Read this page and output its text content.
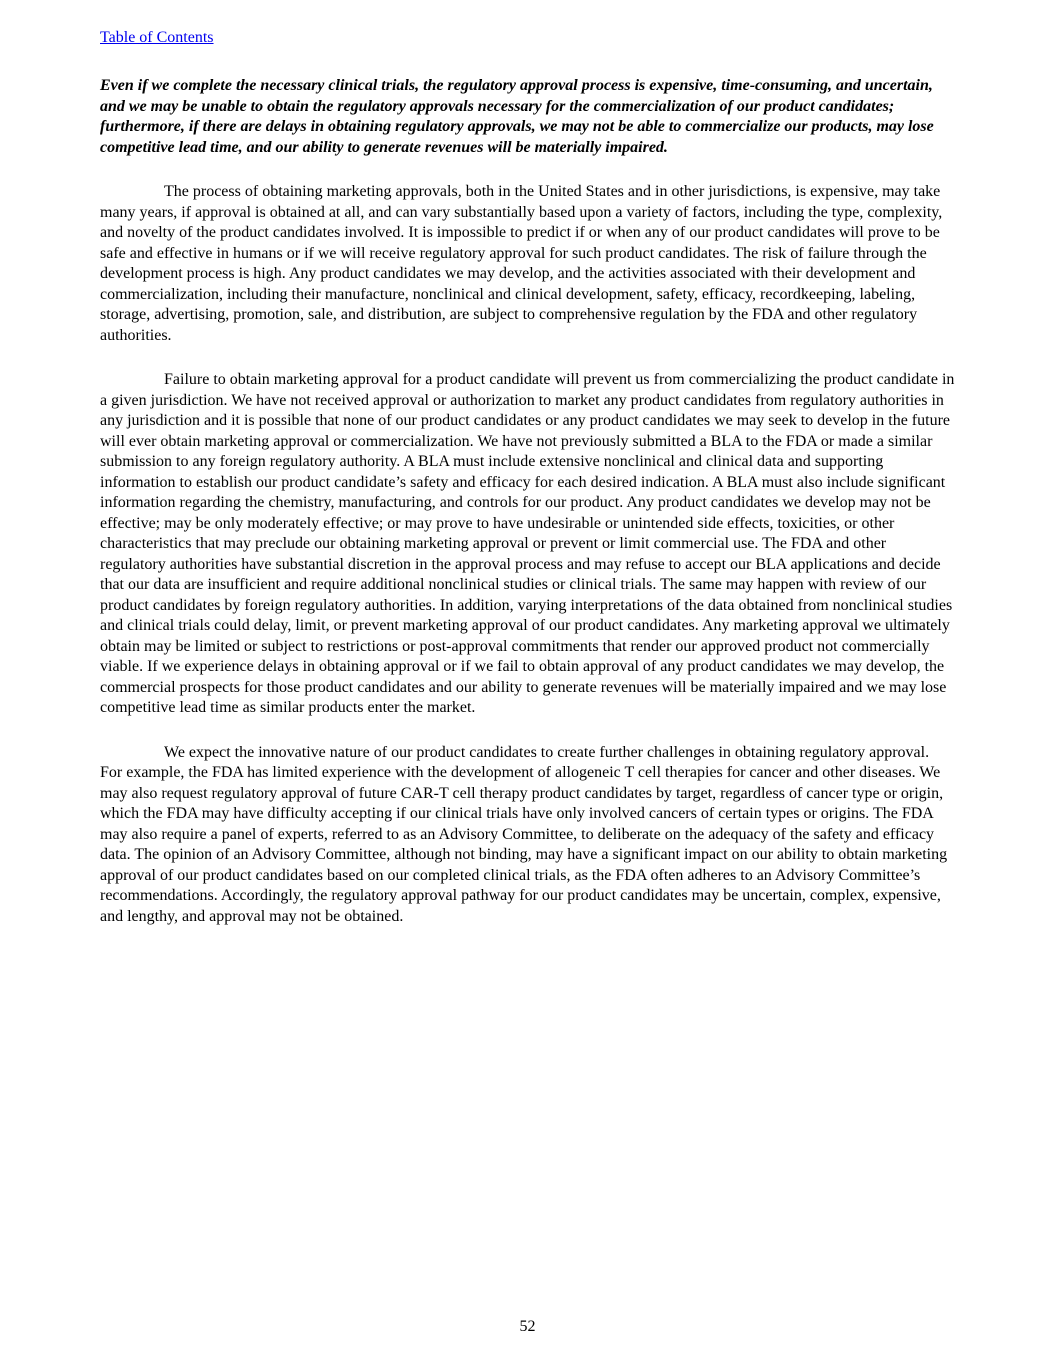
Table of Contents

Even if we complete the necessary clinical trials, the regulatory approval process is expensive, time-consuming, and uncertain, and we may be unable to obtain the regulatory approvals necessary for the commercialization of our product candidates; furthermore, if there are delays in obtaining regulatory approvals, we may not be able to commercialize our products, may lose competitive lead time, and our ability to generate revenues will be materially impaired.

The process of obtaining marketing approvals, both in the United States and in other jurisdictions, is expensive, may take many years, if approval is obtained at all, and can vary substantially based upon a variety of factors, including the type, complexity, and novelty of the product candidates involved. It is impossible to predict if or when any of our product candidates will prove to be safe and effective in humans or if we will receive regulatory approval for such product candidates. The risk of failure through the development process is high. Any product candidates we may develop, and the activities associated with their development and commercialization, including their manufacture, nonclinical and clinical development, safety, efficacy, recordkeeping, labeling, storage, advertising, promotion, sale, and distribution, are subject to comprehensive regulation by the FDA and other regulatory authorities.

Failure to obtain marketing approval for a product candidate will prevent us from commercializing the product candidate in a given jurisdiction. We have not received approval or authorization to market any product candidates from regulatory authorities in any jurisdiction and it is possible that none of our product candidates or any product candidates we may seek to develop in the future will ever obtain marketing approval or commercialization. We have not previously submitted a BLA to the FDA or made a similar submission to any foreign regulatory authority. A BLA must include extensive nonclinical and clinical data and supporting information to establish our product candidate’s safety and efficacy for each desired indication. A BLA must also include significant information regarding the chemistry, manufacturing, and controls for our product. Any product candidates we develop may not be effective; may be only moderately effective; or may prove to have undesirable or unintended side effects, toxicities, or other characteristics that may preclude our obtaining marketing approval or prevent or limit commercial use. The FDA and other regulatory authorities have substantial discretion in the approval process and may refuse to accept our BLA applications and decide that our data are insufficient and require additional nonclinical studies or clinical trials. The same may happen with review of our product candidates by foreign regulatory authorities. In addition, varying interpretations of the data obtained from nonclinical studies and clinical trials could delay, limit, or prevent marketing approval of our product candidates. Any marketing approval we ultimately obtain may be limited or subject to restrictions or post-approval commitments that render our approved product not commercially viable. If we experience delays in obtaining approval or if we fail to obtain approval of any product candidates we may develop, the commercial prospects for those product candidates and our ability to generate revenues will be materially impaired and we may lose competitive lead time as similar products enter the market.

We expect the innovative nature of our product candidates to create further challenges in obtaining regulatory approval. For example, the FDA has limited experience with the development of allogeneic T cell therapies for cancer and other diseases. We may also request regulatory approval of future CAR-T cell therapy product candidates by target, regardless of cancer type or origin, which the FDA may have difficulty accepting if our clinical trials have only involved cancers of certain types or origins. The FDA may also require a panel of experts, referred to as an Advisory Committee, to deliberate on the adequacy of the safety and efficacy data. The opinion of an Advisory Committee, although not binding, may have a significant impact on our ability to obtain marketing approval of our product candidates based on our completed clinical trials, as the FDA often adheres to an Advisory Committee’s recommendations. Accordingly, the regulatory approval pathway for our product candidates may be uncertain, complex, expensive, and lengthy, and approval may not be obtained.

52
